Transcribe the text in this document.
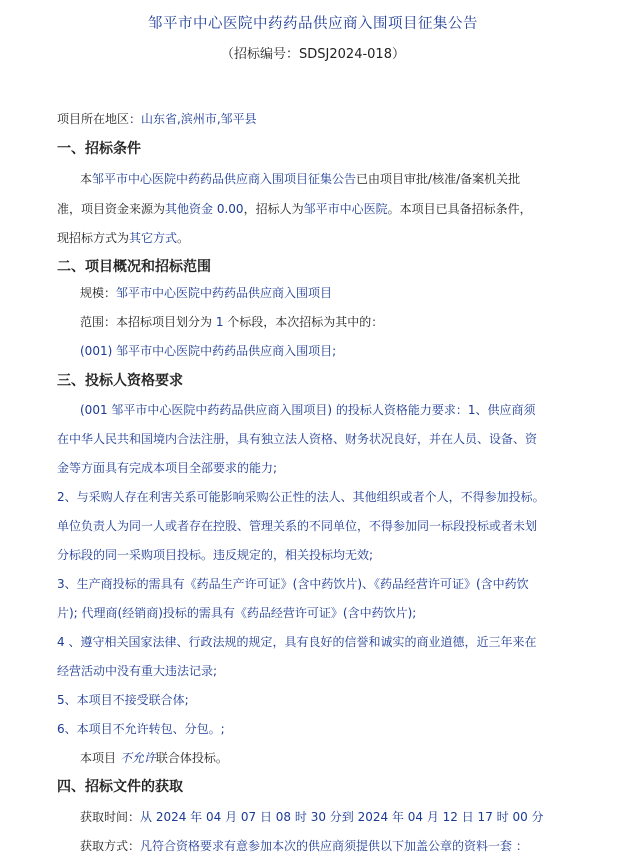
邹平市中心医院中药药品供应商入围项目征集公告
（招标编号：SDSJ2024-018）
项目所在地区：山东省,滨州市,邹平县
一、招标条件
本邹平市中心医院中药药品供应商入围项目征集公告已由项目审批/核准/备案机关批
准，项目资金来源为其他资金 0.00，招标人为邹平市中心医院。本项目已具备招标条件，
现招标方式为其它方式。
二、项目概况和招标范围
规模：邹平市中心医院中药药品供应商入围项目
范围：本招标项目划分为 1 个标段，本次招标为其中的：
(001) 邹平市中心医院中药药品供应商入围项目;
三、投标人资格要求
(001 邹平市中心医院中药药品供应商入围项目) 的投标人资格能力要求：1、供应商须
在中华人民共和国境内合法注册，具有独立法人资格、财务状况良好，并在人员、设备、资
金等方面具有完成本项目全部要求的能力;
2、与采购人存在利害关系可能影响采购公正性的法人、其他组织或者个人，不得参加投标。
单位负责人为同一人或者存在控股、管理关系的不同单位，不得参加同一标段投标或者未划
分标段的同一采购项目投标。违反规定的，相关投标均无效;
3、生产商投标的需具有《药品生产许可证》(含中药饮片)、《药品经营许可证》(含中药饮
片); 代理商(经销商)投标的需具有《药品经营许可证》(含中药饮片);
4 、遵守相关国家法律、行政法规的规定，具有良好的信誉和诚实的商业道德，近三年来在
经营活动中没有重大违法记录;
5、本项目不接受联合体;
6、本项目不允许转包、分包。;
本项目 不允许联合体投标。
四、招标文件的获取
获取时间：从 2024 年 04 月 07 日 08 时 30 分到 2024 年 04 月 12 日 17 时 00 分
获取方式：凡符合资格要求有意参加本次的供应商须提供以下加盖公章的资料一套 ：
